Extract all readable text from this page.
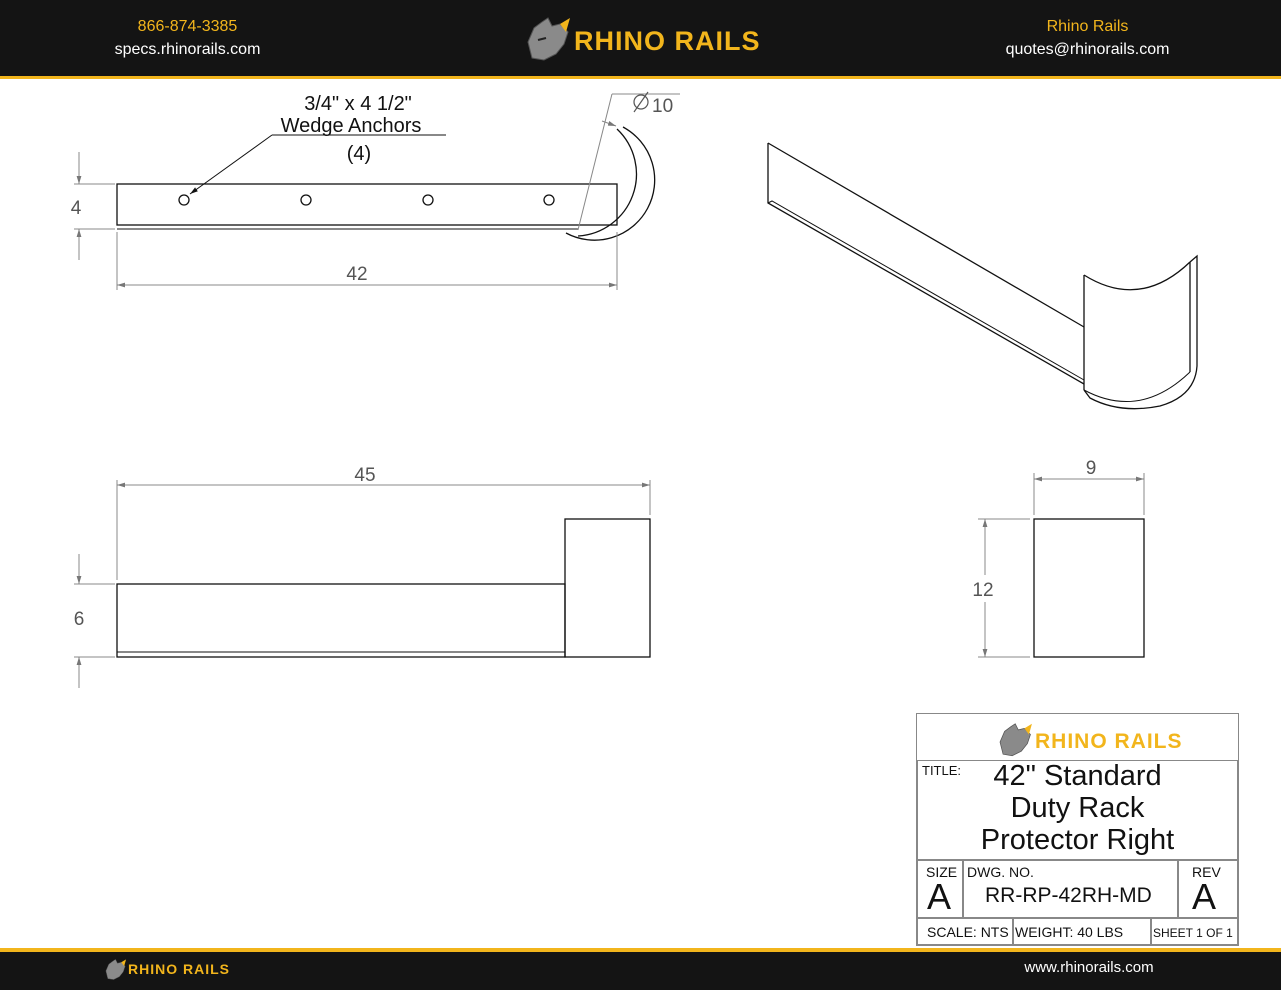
866-874-3385
specs.rhinorails.com
Rhino Rails
quotes@rhinorails.com
RHINO RAILS
3/4" x 4 1/2"
Wedge Anchors
(4)
10
4
42
45
6
9
12
RHINO RAILS
TITLE:	42" Standard
Duty Rack
Protector Right
SIZE
A
DWG. NO.
RR-RP-42RH-MD
REV
A
SCALE: NTS WEIGHT: 40 LBS SHEET 1 OF 1
RHINO RAILS	www.rhinorails.com
